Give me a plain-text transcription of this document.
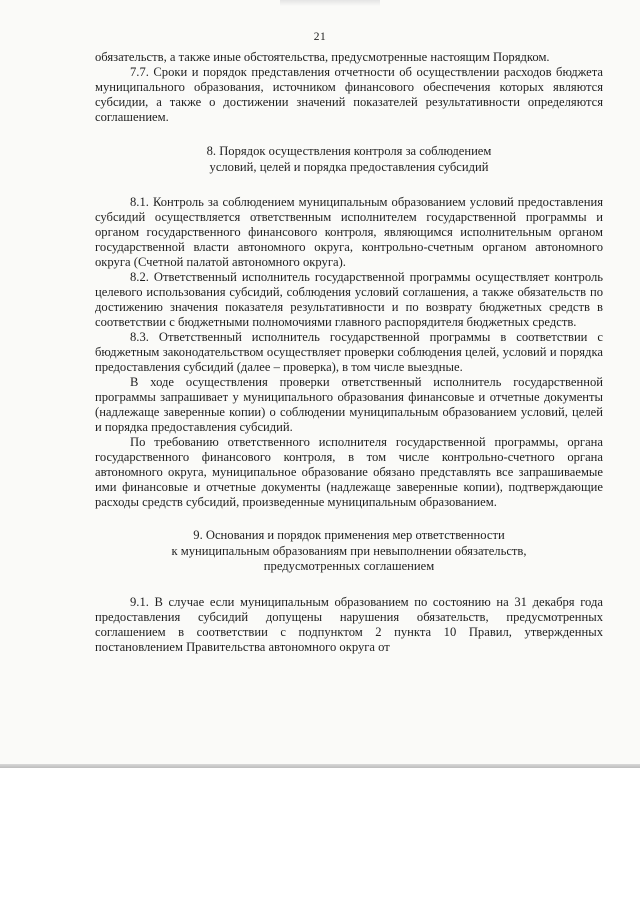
21

обязательств, а также иные обстоятельства, предусмотренные настоящим Порядком.

7.7. Сроки и порядок представления отчетности об осуществлении расходов бюджета муниципального образования, источником финансового обеспечения которых являются субсидии, а также о достижении значений показателей результативности определяются соглашением.

8. Порядок осуществления контроля за соблюдением
условий, целей и порядка предоставления субсидий

8.1. Контроль за соблюдением муниципальным образованием условий предоставления субсидий осуществляется ответственным исполнителем государственной программы и органом государственного финансового контроля, являющимся исполнительным органом государственной власти автономного округа, контрольно-счетным органом автономного округа (Счетной палатой автономного округа).

8.2. Ответственный исполнитель государственной программы осуществляет контроль целевого использования субсидий, соблюдения условий соглашения, а также обязательств по достижению значения показателя результативности и по возврату бюджетных средств в соответствии с бюджетными полномочиями главного распорядителя бюджетных средств.

8.3. Ответственный исполнитель государственной программы в соответствии с бюджетным законодательством осуществляет проверки соблюдения целей, условий и порядка предоставления субсидий (далее – проверка), в том числе выездные.

В ходе осуществления проверки ответственный исполнитель государственной программы запрашивает у муниципального образования финансовые и отчетные документы (надлежаще заверенные копии) о соблюдении муниципальным образованием условий, целей и порядка предоставления субсидий.

По требованию ответственного исполнителя государственной программы, органа государственного финансового контроля, в том числе контрольно-счетного органа автономного округа, муниципальное образование обязано представлять все запрашиваемые ими финансовые и отчетные документы (надлежаще заверенные копии), подтверждающие расходы средств субсидий, произведенные муниципальным образованием.

9. Основания и порядок применения мер ответственности
к муниципальным образованиям при невыполнении обязательств,
предусмотренных соглашением

9.1. В случае если муниципальным образованием по состоянию на 31 декабря года предоставления субсидий допущены нарушения обязательств, предусмотренных соглашением в соответствии с подпунктом 2 пункта 10 Правил, утвержденных постановлением Правительства автономного округа от
